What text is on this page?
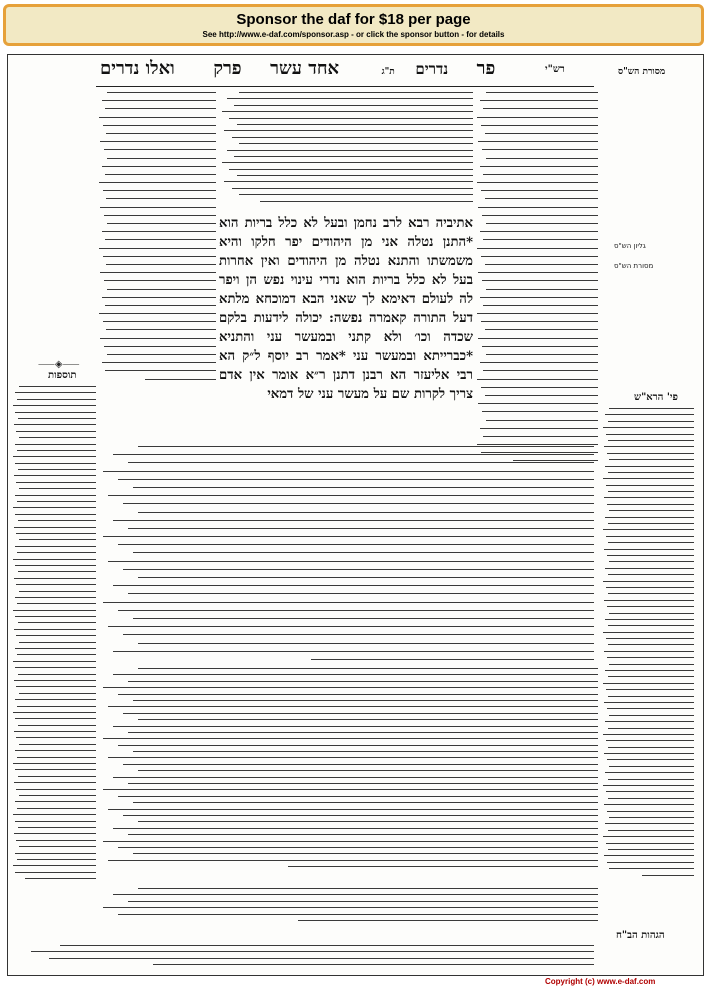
Sponsor the daf for $18 per page
See http://www.e-daf.com/sponsor.asp - or click the sponsor button - for details
פר  נדרים  ת"ג  אחד עשר  פרק  ואלו נדרים	רש"י	מסורת הש"ס
אתיביה רבא לרב נחמן ובעל לא כלל בריות הוא *התנן נטלה אני מן היהודים יפר חלקו והיא משמשתו והתנא נטלה מן היהודים ואין אחרות בעל לא כלל בריות הוא נדרי עינוי נפש הן ויפר לה לעולם דאימא לך שאני הבא דמוכחא מלתא דעל התורה קאמרה נפשה: יכולה לידעות בלקם שכדה וכו׳ ולא קתני ובמעשר עני והתניא *כברייתא ובמעשר עני *אמר רב יוסף ל״ק הא רבי אליעזר הא רבנן דתנן ר״א אומר אין אדם צריך לקרות שם על מעשר עני של דמאי
גליון הש"ס
מסורת הש"ס
פי' הרא"ש
⸺◈⸺
תוספות
הגהות הב"ח
Copyright (c) www.e-daf.com
